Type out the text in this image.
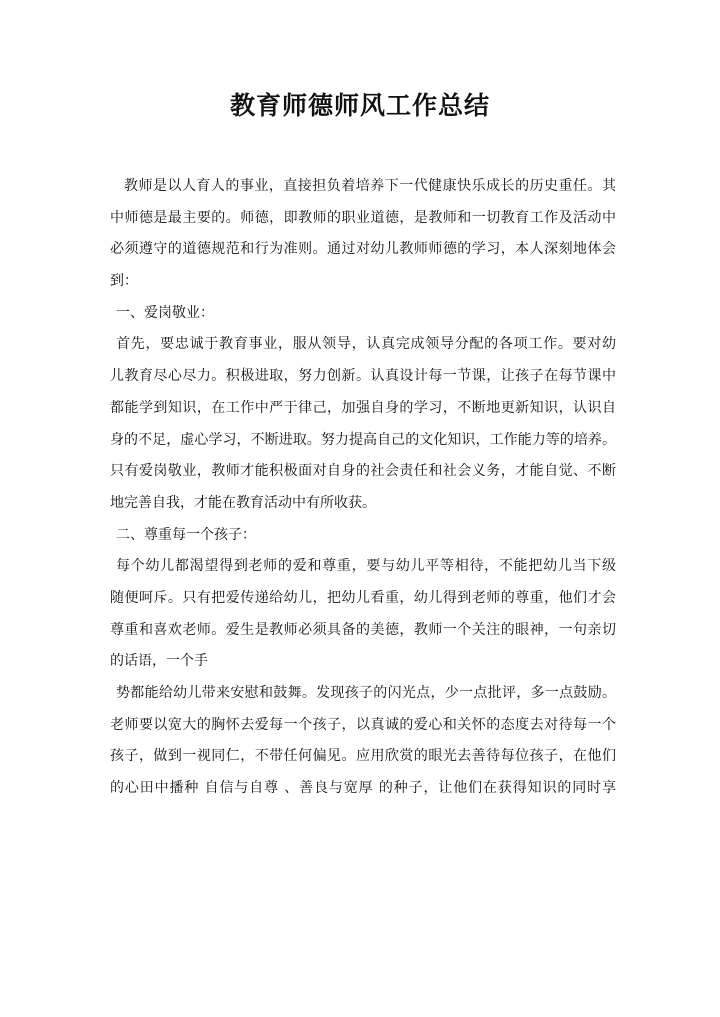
教育师德师风工作总结
教师是以人育人的事业，直接担负着培养下一代健康快乐成长的历史重任。其
中师德是最主要的。师德，即教师的职业道德，是教师和一切教育工作及活动中
必须遵守的道德规范和行为准则。通过对幼儿教师师德的学习，本人深刻地体会
到：
一、爱岗敬业：
首先，要忠诚于教育事业，服从领导，认真完成领导分配的各项工作。要对幼
儿教育尽心尽力。积极进取，努力创新。认真设计每一节课，让孩子在每节课中
都能学到知识，在工作中严于律己，加强自身的学习，不断地更新知识，认识自
身的不足，虚心学习，不断进取。努力提高自己的文化知识，工作能力等的培养。
只有爱岗敬业，教师才能积极面对自身的社会责任和社会义务，才能自觉、不断
地完善自我，才能在教育活动中有所收获。
二、尊重每一个孩子：
每个幼儿都渴望得到老师的爱和尊重，要与幼儿平等相待，不能把幼儿当下级
随便呵斥。只有把爱传递给幼儿，把幼儿看重，幼儿得到老师的尊重，他们才会
尊重和喜欢老师。爱生是教师必须具备的美德，教师一个关注的眼神，一句亲切
的话语，一个手
势都能给幼儿带来安慰和鼓舞。发现孩子的闪光点，少一点批评，多一点鼓励。
老师要以宽大的胸怀去爱每一个孩子，以真诚的爱心和关怀的态度去对待每一个
孩子，做到一视同仁，不带任何偏见。应用欣赏的眼光去善待每位孩子，在他们
的心田中播种 自信与自尊 、善良与宽厚 的种子，让他们在获得知识的同时享
